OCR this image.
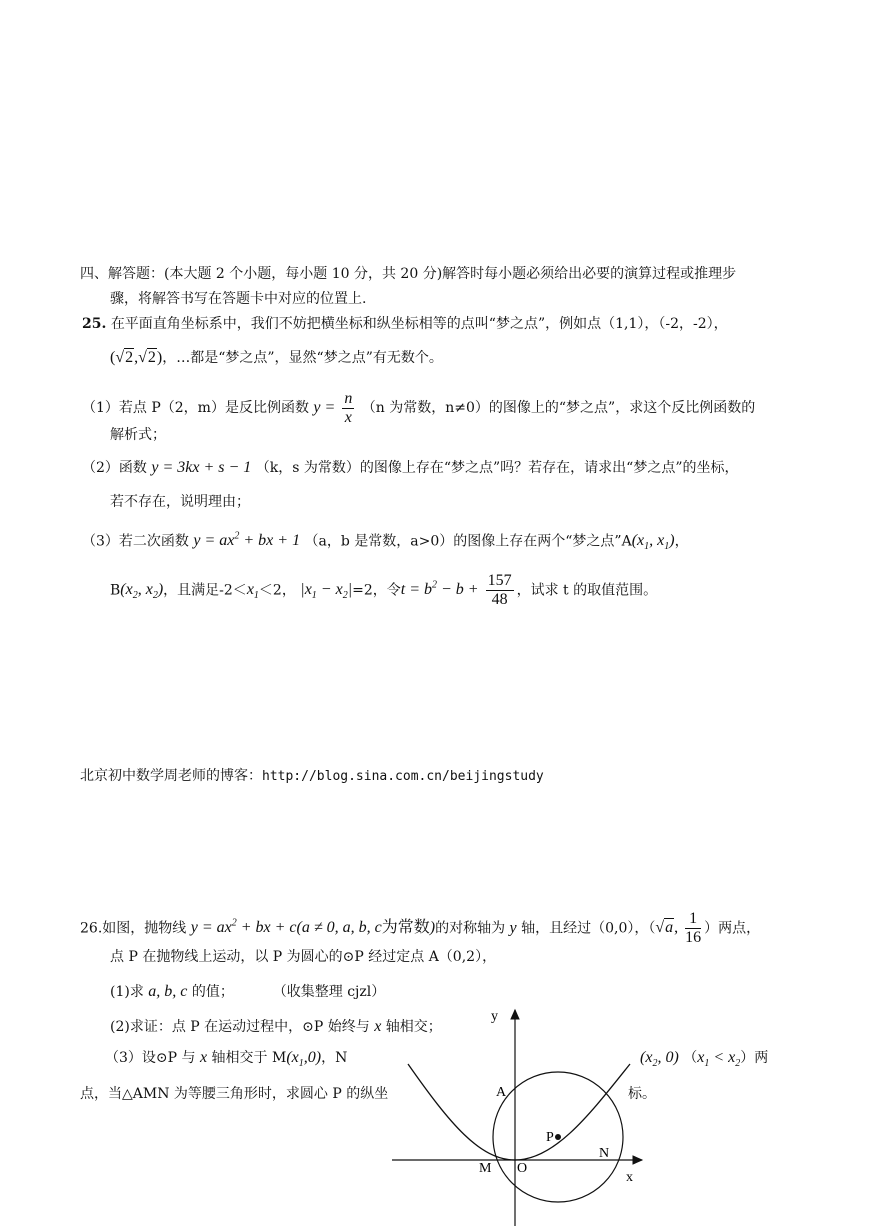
四、解答题：(本大题 2 个小题，每小题 10 分，共 20 分)解答时每小题必须给出必要的演算过程或推理步
骤，将解答书写在答题卡中对应的位置上.
25. 在平面直角坐标系中，我们不妨把横坐标和纵坐标相等的点叫“梦之点”，例如点（1,1），（-2，-2），
(√2,√2)，…都是“梦之点”，显然“梦之点”有无数个。
（1）若点 P（2，m）是反比例函数 $y = \frac{n}{x} (n$ 为常数，n≠0）的图像上的“梦之点”，求这个反比例函数的
解析式；
（2）函数 y = 3kx + s − 1 （k，s 为常数）的图像上存在“梦之点”吗？若存在，请求出“梦之点”的坐标，
若不存在，说明理由；
（3）若二次函数 $y = ax^2$ + bx + 1 （a，b 是常数，a>0）的图像上存在两个“梦之点$”A(x_1$, $x_1$)，
$B(x_2$, $x_2$)，且满足$-2<x_1<2$， $|x_1 - x_2|=2$，令$t = b^2 - b + \frac{157}{48}$ ，试求 t 的取值范围。
北京初中数学周老师的博客：http://blog.sina.com.cn/beijingstudy
26.如图，抛物线 $y = ax^2$ + bx + c(a ≠ 0, a, b, c为常数)的对称轴为 y 轴，且经过（0,0），（√a, $\frac{1}{16}$ ）两点，
点 P 在抛物线上运动，以 P 为圆心的⊙P 经过定点 A（0,2），
(1)求 a, b, c 的值；	（收集整理 cjzl）
(2)求证：点 P 在运动过程中，⊙P 始终与 x 轴相交；
（3）设⊙P 与 x 轴相交于 $M(x_1,0)$，N	($x_2$, 0) $(x_1 < x_2)$两
点，当△AMN 为等腰三角形时，求圆心 P 的纵坐	标。
y
x
A
P
M O
N
